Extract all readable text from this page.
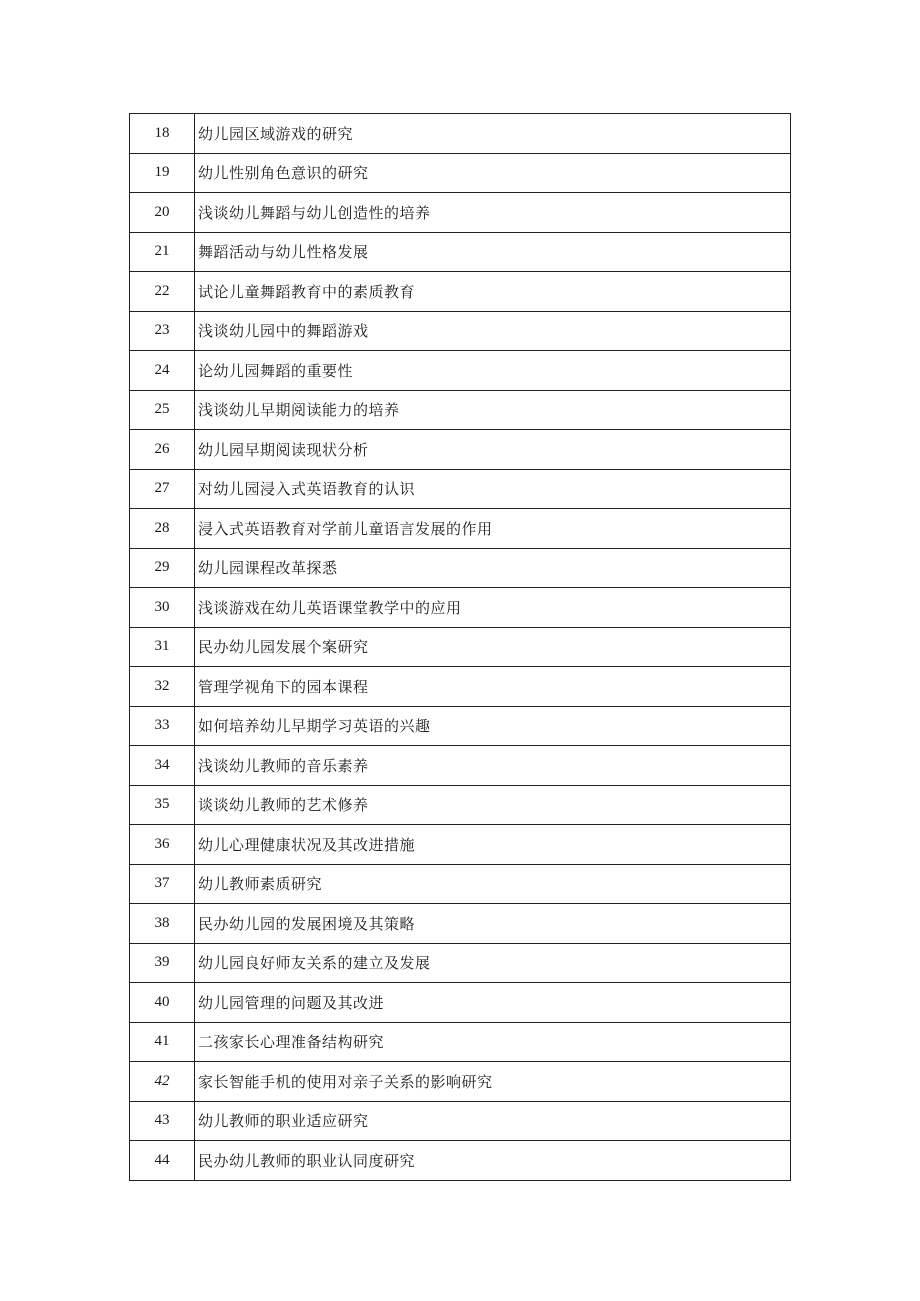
18	幼儿园区域游戏的研究
19	幼儿性别角色意识的研究
20	浅谈幼儿舞蹈与幼儿创造性的培养
21	舞蹈活动与幼儿性格发展
22	试论儿童舞蹈教育中的素质教育
23	浅谈幼儿园中的舞蹈游戏
24	论幼儿园舞蹈的重要性
25	浅谈幼儿早期阅读能力的培养
26	幼儿园早期阅读现状分析
27	对幼儿园浸入式英语教育的认识
28	浸入式英语教育对学前儿童语言发展的作用
29	幼儿园课程改革探悉
30	浅谈游戏在幼儿英语课堂教学中的应用
31	民办幼儿园发展个案研究
32	管理学视角下的园本课程
33	如何培养幼儿早期学习英语的兴趣
34	浅谈幼儿教师的音乐素养
35	谈谈幼儿教师的艺术修养
36	幼儿心理健康状况及其改进措施
37	幼儿教师素质研究
38	民办幼儿园的发展困境及其策略
39	幼儿园良好师友关系的建立及发展
40	幼儿园管理的问题及其改进
41	二孩家长心理准备结构研究
42	家长智能手机的使用对亲子关系的影响研究
43	幼儿教师的职业适应研究
44	民办幼儿教师的职业认同度研究
